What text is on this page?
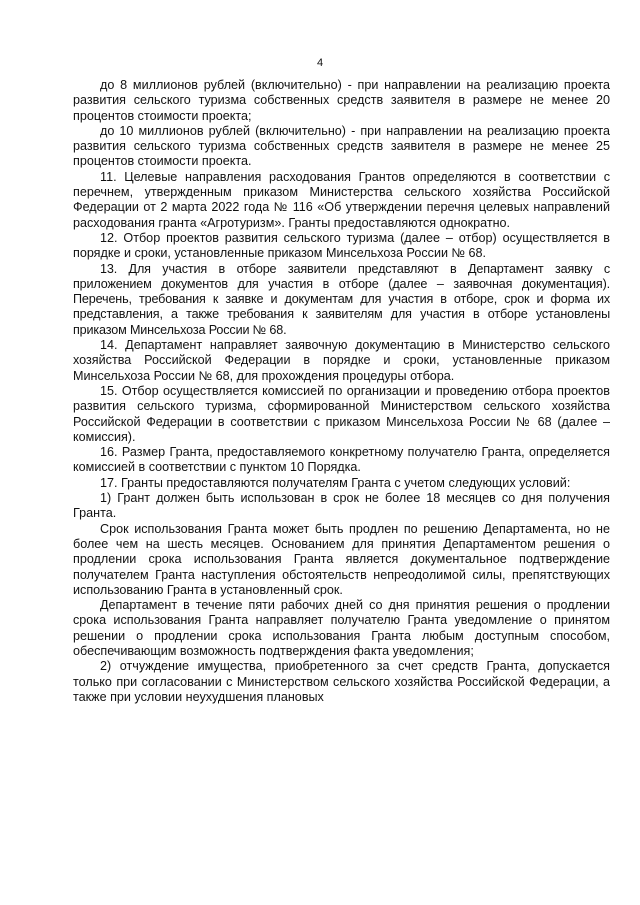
4

до 8 миллионов рублей (включительно) - при направлении на реализацию проекта развития сельского туризма собственных средств заявителя в размере не менее 20 процентов стоимости проекта;

до 10 миллионов рублей (включительно) - при направлении на реализацию проекта развития сельского туризма собственных средств заявителя в размере не менее 25 процентов стоимости проекта.

11. Целевые направления расходования Грантов определяются в соответствии с перечнем, утвержденным приказом Министерства сельского хозяйства Российской Федерации от 2 марта 2022 года № 116 «Об утверждении перечня целевых направлений расходования гранта «Агротуризм». Гранты предоставляются однократно.

12. Отбор проектов развития сельского туризма (далее – отбор) осуществляется в порядке и сроки, установленные приказом Минсельхоза России № 68.

13. Для участия в отборе заявители представляют в Департамент заявку с приложением документов для участия в отборе (далее – заявочная документация). Перечень, требования к заявке и документам для участия в отборе, срок и форма их представления, а также требования к заявителям для участия в отборе установлены приказом Минсельхоза России № 68.

14. Департамент направляет заявочную документацию в Министерство сельского хозяйства Российской Федерации в порядке и сроки, установленные приказом Минсельхоза России № 68, для прохождения процедуры отбора.

15. Отбор осуществляется комиссией по организации и проведению отбора проектов развития сельского туризма, сформированной Министерством сельского хозяйства Российской Федерации в соответствии с приказом Минсельхоза России № 68 (далее – комиссия).

16. Размер Гранта, предоставляемого конкретному получателю Гранта, определяется комиссией в соответствии с пунктом 10 Порядка.

17. Гранты предоставляются получателям Гранта с учетом следующих условий:

1) Грант должен быть использован в срок не более 18 месяцев со дня получения Гранта.

Срок использования Гранта может быть продлен по решению Департамента, но не более чем на шесть месяцев. Основанием для принятия Департаментом решения о продлении срока использования Гранта является документальное подтверждение получателем Гранта наступления обстоятельств непреодолимой силы, препятствующих использованию Гранта в установленный срок.

Департамент в течение пяти рабочих дней со дня принятия решения о продлении срока использования Гранта направляет получателю Гранта уведомление о принятом решении о продлении срока использования Гранта любым доступным способом, обеспечивающим возможность подтверждения факта уведомления;

2) отчуждение имущества, приобретенного за счет средств Гранта, допускается только при согласовании с Министерством сельского хозяйства Российской Федерации, а также при условии неухудшения плановых
